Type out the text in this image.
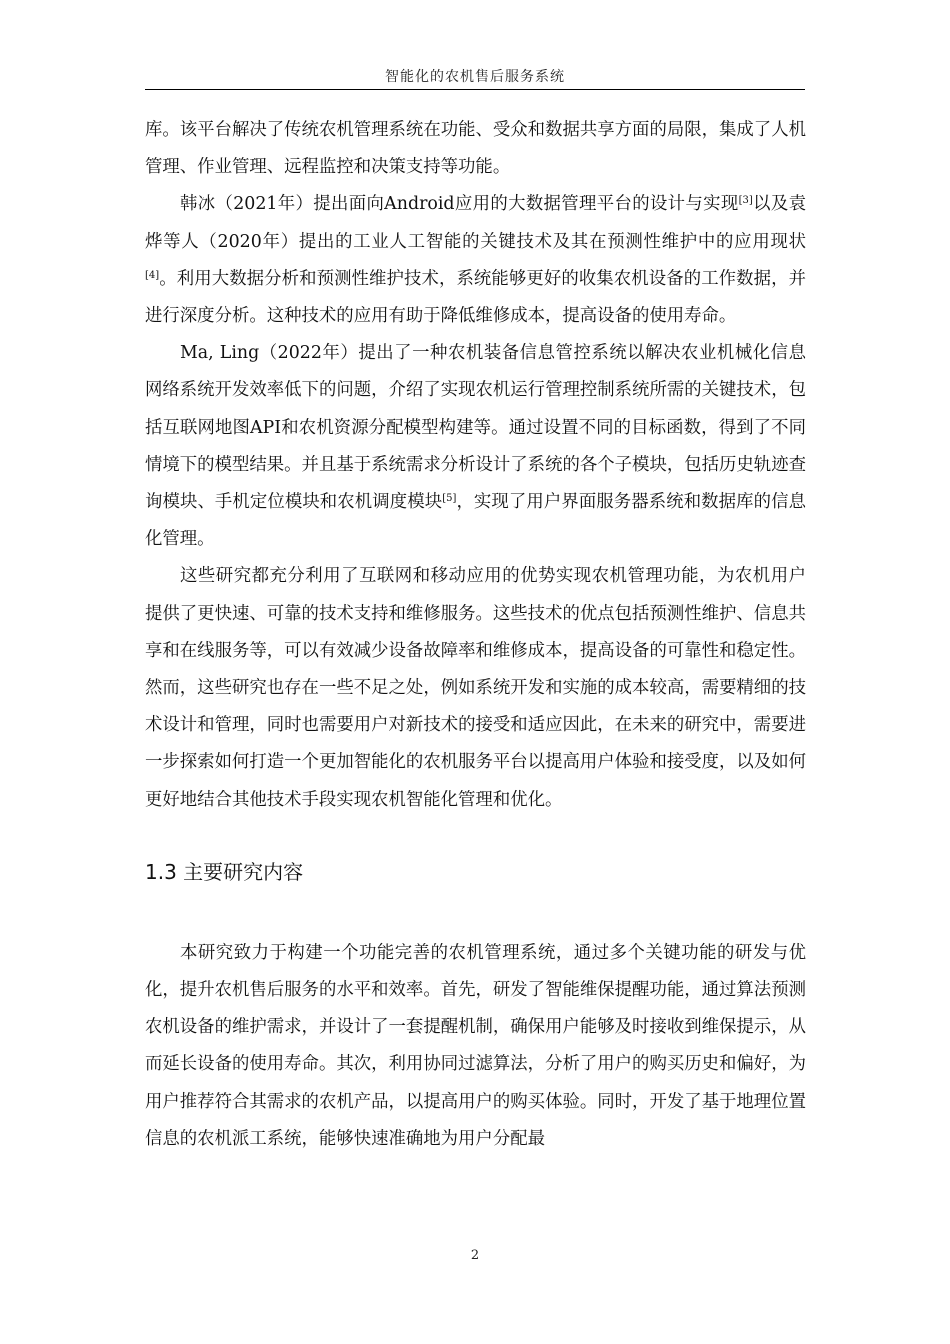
智能化的农机售后服务系统

库。该平台解决了传统农机管理系统在功能、受众和数据共享方面的局限，集成了人机管理、作业管理、远程监控和决策支持等功能。

韩冰（2021年）提出面向Android应用的大数据管理平台的设计与实现[3]以及袁烨等人（2020年）提出的工业人工智能的关键技术及其在预测性维护中的应用现状[4]。利用大数据分析和预测性维护技术，系统能够更好的收集农机设备的工作数据，并进行深度分析。这种技术的应用有助于降低维修成本，提高设备的使用寿命。

Ma, Ling（2022年）提出了一种农机装备信息管控系统以解决农业机械化信息网络系统开发效率低下的问题，介绍了实现农机运行管理控制系统所需的关键技术，包括互联网地图API和农机资源分配模型构建等。通过设置不同的目标函数，得到了不同情境下的模型结果。并且基于系统需求分析设计了系统的各个子模块，包括历史轨迹查询模块、手机定位模块和农机调度模块[5]，实现了用户界面服务器系统和数据库的信息化管理。

这些研究都充分利用了互联网和移动应用的优势实现农机管理功能，为农机用户提供了更快速、可靠的技术支持和维修服务。这些技术的优点包括预测性维护、信息共享和在线服务等，可以有效减少设备故障率和维修成本，提高设备的可靠性和稳定性。然而，这些研究也存在一些不足之处，例如系统开发和实施的成本较高，需要精细的技术设计和管理，同时也需要用户对新技术的接受和适应因此，在未来的研究中，需要进一步探索如何打造一个更加智能化的农机服务平台以提高用户体验和接受度，以及如何更好地结合其他技术手段实现农机智能化管理和优化。

1.3 主要研究内容

本研究致力于构建一个功能完善的农机管理系统，通过多个关键功能的研发与优化，提升农机售后服务的水平和效率。首先，研发了智能维保提醒功能，通过算法预测农机设备的维护需求，并设计了一套提醒机制，确保用户能够及时接收到维保提示，从而延长设备的使用寿命。其次，利用协同过滤算法，分析了用户的购买历史和偏好，为用户推荐符合其需求的农机产品，以提高用户的购买体验。同时，开发了基于地理位置信息的农机派工系统，能够快速准确地为用户分配最

2
